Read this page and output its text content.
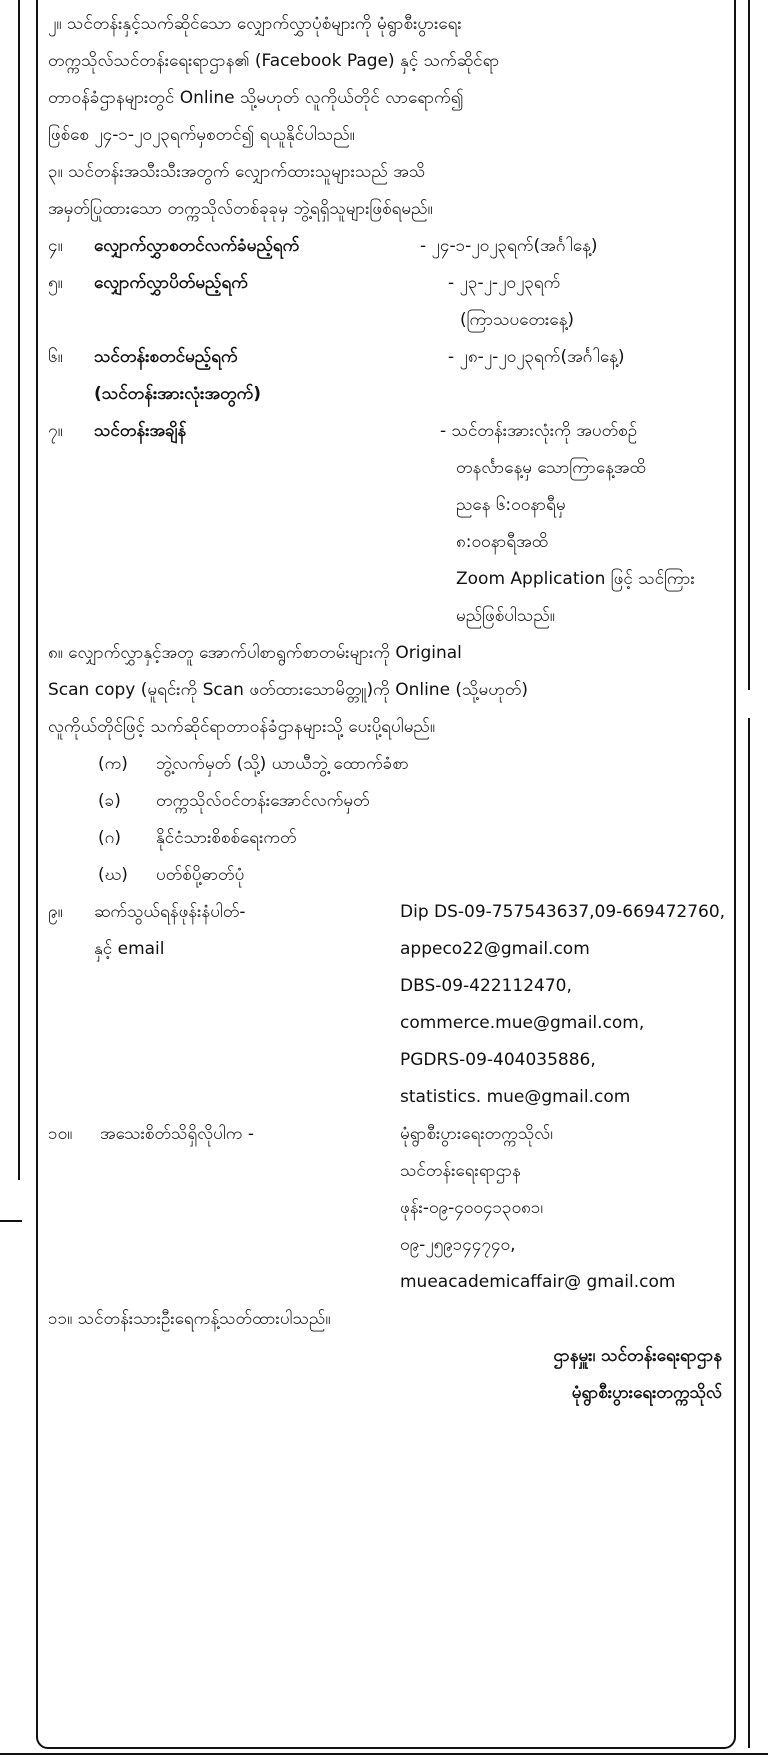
၂။ သင်တန်းနှင့်သက်ဆိုင်သော လျှောက်လွှာပုံစံများကို မုံရွာစီးပွားရေး
တက္ကသိုလ်သင်တန်းရေးရာဌာန၏ (Facebook Page) နှင့် သက်ဆိုင်ရာ
တာဝန်ခံဌာနများတွင် Online သို့မဟုတ် လူကိုယ်တိုင် လာရောက်၍
ဖြစ်စေ ၂၄-၁-၂၀၂၃ရက်မှစတင်၍ ရယူနိုင်ပါသည်။
၃။ သင်တန်းအသီးသီးအတွက် လျှောက်ထားသူများသည် အသိ
အမှတ်ပြုထားသော တက္ကသိုလ်တစ်ခုခုမှ ဘွဲ့ရရှိသူများဖြစ်ရမည်။
၄။ လျှောက်လွှာစတင်လက်ခံမည့်ရက်	- ၂၄-၁-၂၀၂၃ရက်(အင်္ဂါနေ့)
၅။ လျှောက်လွှာပိတ်မည့်ရက်	- ၂၃-၂-၂၀၂၃ရက်
(ကြာသပတေးနေ့)
၆။ သင်တန်းစတင်မည့်ရက်	- ၂၈-၂-၂၀၂၃ရက်(အင်္ဂါနေ့)
(သင်တန်းအားလုံးအတွက်)
၇။ သင်တန်းအချိန်	- သင်တန်းအားလုံးကို အပတ်စဉ်
တနင်္လာနေ့မှ သောကြာနေ့အထိ
ညနေ ၆:၀၀နာရီမှ
၈:၀၀နာရီအထိ
Zoom Application ဖြင့် သင်ကြား
မည်ဖြစ်ပါသည်။
၈။ လျှောက်လွှာနှင့်အတူ အောက်ပါစာရွက်စာတမ်းများကို Original
Scan copy (မူရင်းကို Scan ဖတ်ထားသောမိတ္တူ)ကို Online (သို့မဟုတ်)
လူကိုယ်တိုင်ဖြင့် သက်ဆိုင်ရာတာဝန်ခံဌာနများသို့ ပေးပို့ရပါမည်။
(က) ဘွဲ့လက်မှတ် (သို့) ယာယီဘွဲ့ ထောက်ခံစာ
(ခ) တက္ကသိုလ်ဝင်တန်းအောင်လက်မှတ်
(ဂ) နိုင်ငံသားစိစစ်ရေးကတ်
(ဃ) ပတ်စ်ပို့ဓာတ်ပုံ
၉။ ဆက်သွယ်ရန်ဖုန်းနံပါတ်-	Dip DS-09-757543637,09-669472760,
နှင့် email	appeco22@gmail.com
DBS-09-422112470,
commerce.mue@gmail.com,
PGDRS-09-404035886,
statistics. mue@gmail.com
၁၀။ အသေးစိတ်သိရှိလိုပါက -	မုံရွာစီးပွားရေးတက္ကသိုလ်၊
သင်တန်းရေးရာဌာန
ဖုန်း-၀၉-၄၀၀၄၁၃၀၈၁၊
၀၉-၂၅၉၁၄၄၇၄၀,
mueacademicaffair@ gmail.com
၁၁။ သင်တန်းသားဦးရေကန့်သတ်ထားပါသည်။
ဌာနမှူး၊ သင်တန်းရေးရာဌာန
မုံရွာစီးပွားရေးတက္ကသိုလ်
